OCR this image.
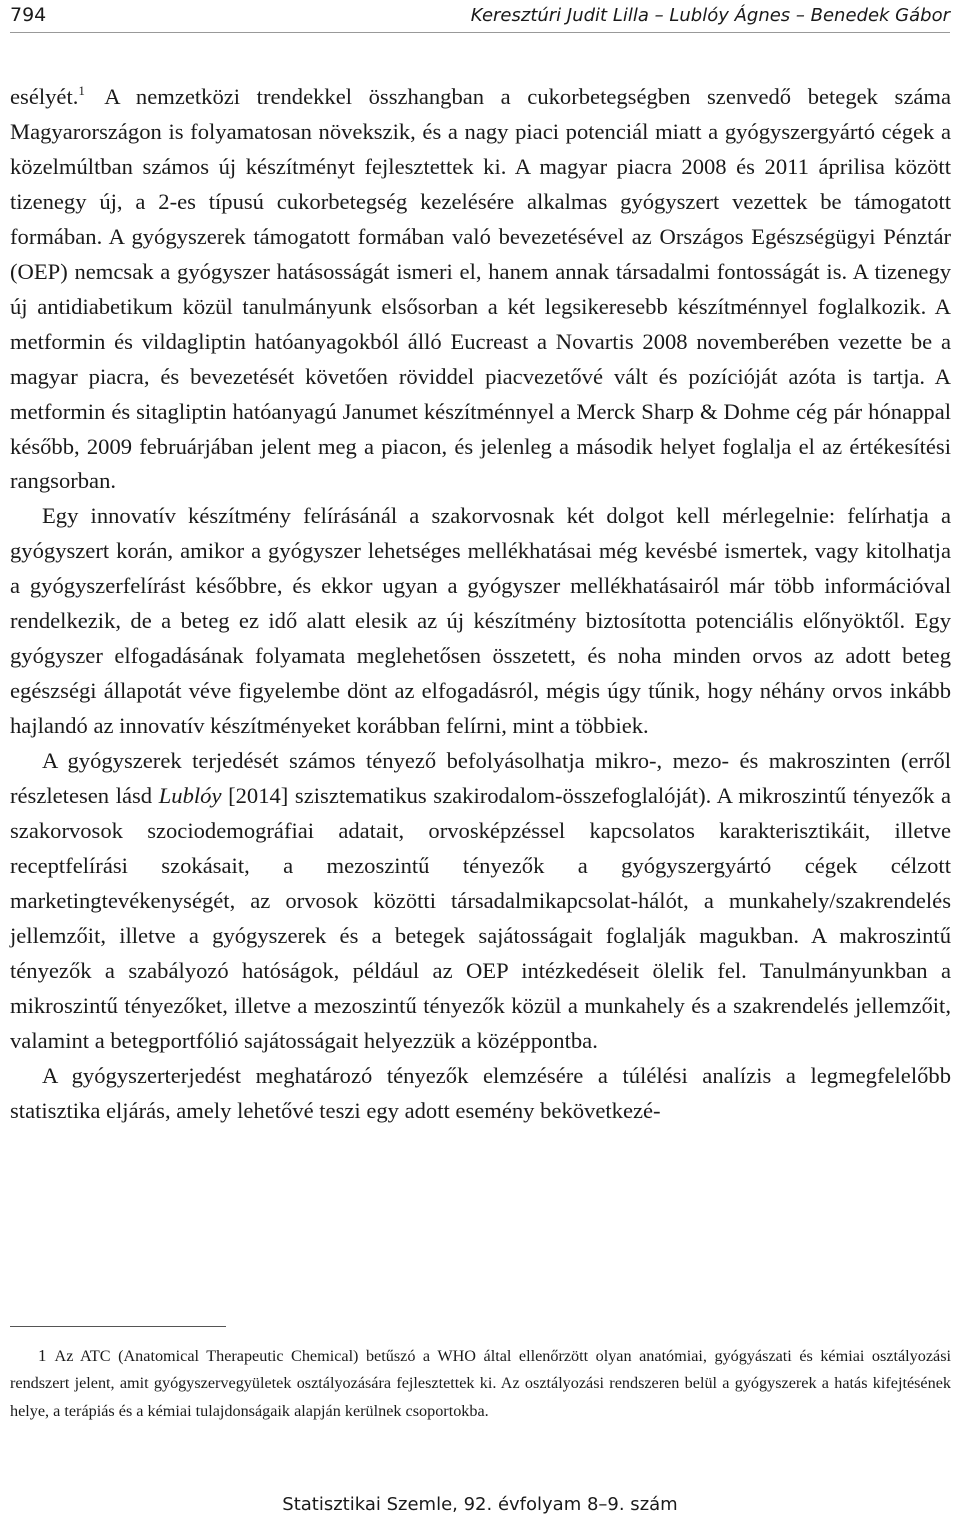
794	Keresztúri Judit Lilla – Lublóy Ágnes – Benedek Gábor

esélyét.$^1$ A nemzetközi trendekkel összhangban a cukorbetegségben szenvedő betegek száma Magyarországon is folyamatosan növekszik, és a nagy piaci potenciál miatt a gyógyszergyártó cégek a közelmúltban számos új készítményt fejlesztettek ki. A magyar piacra 2008 és 2011 áprilisa között tizenegy új, a 2-es típusú cukorbetegség kezelésére alkalmas gyógyszert vezettek be támogatott formában. A gyógyszerek támogatott formában való bevezetésével az Országos Egészségügyi Pénztár (OEP) nemcsak a gyógyszer hatásosságát ismeri el, hanem annak társadalmi fontosságát is. A tizenegy új antidiabetikum közül tanulmányunk elsősorban a két legsikeresebb készítménnyel foglalkozik. A metformin és vildagliptin hatóanyagokból álló Eucreast a Novartis 2008 novemberében vezette be a magyar piacra, és bevezetését követően röviddel piacvezetővé vált és pozícióját azóta is tartja. A metformin és sitagliptin hatóanyagú Janumet készítménnyel a Merck Sharp & Dohme cég pár hónappal később, 2009 februárjában jelent meg a piacon, és jelenleg a második helyet foglalja el az értékesítési rangsorban.

Egy innovatív készítmény felírásánál a szakorvosnak két dolgot kell mérlegelnie: felírhatja a gyógyszert korán, amikor a gyógyszer lehetséges mellékhatásai még kevésbé ismertek, vagy kitolhatja a gyógyszerfelírást későbbre, és ekkor ugyan a gyógyszer mellékhatásairól már több információval rendelkezik, de a beteg ez idő alatt elesik az új készítmény biztosította potenciális előnyöktől. Egy gyógyszer elfogadásának folyamata meglehetősen összetett, és noha minden orvos az adott beteg egészségi állapotát véve figyelembe dönt az elfogadásról, mégis úgy tűnik, hogy néhány orvos inkább hajlandó az innovatív készítményeket korábban felírni, mint a többiek.

A gyógyszerek terjedését számos tényező befolyásolhatja mikro-, mezo- és makroszinten (erről részletesen lásd Lublóy [2014] szisztematikus szakirodalom-összefoglalóját). A mikroszintű tényezők a szakorvosok szociodemográfiai adatait, orvosképzéssel kapcsolatos karakterisztikáit, illetve receptfelírási szokásait, a mezoszintű tényezők a gyógyszergyártó cégek célzott marketingtevékenységét, az orvosok közötti társadalmikapcsolat-hálót, a munkahely/szakrendelés jellemzőit, illetve a gyógyszerek és a betegek sajátosságait foglalják magukban. A makroszintű tényezők a szabályozó hatóságok, például az OEP intézkedéseit ölelik fel. Tanulmányunkban a mikroszintű tényezőket, illetve a mezoszintű tényezők közül a munkahely és a szakrendelés jellemzőit, valamint a betegportfólió sajátosságait helyezzük a középpontba.

A gyógyszerterjedést meghatározó tényezők elemzésére a túlélési analízis a legmegfelelőbb statisztika eljárás, amely lehetővé teszi egy adott esemény bekövetkezé-

1 Az ATC (Anatomical Therapeutic Chemical) betűszó a WHO által ellenőrzött olyan anatómiai, gyógyászati és kémiai osztályozási rendszert jelent, amit gyógyszervegyületek osztályozására fejlesztettek ki. Az osztályozási rendszeren belül a gyógyszerek a hatás kifejtésének helye, a terápiás és a kémiai tulajdonságaik alapján kerülnek csoportokba.
Statisztikai Szemle, 92. évfolyam 8–9. szám
